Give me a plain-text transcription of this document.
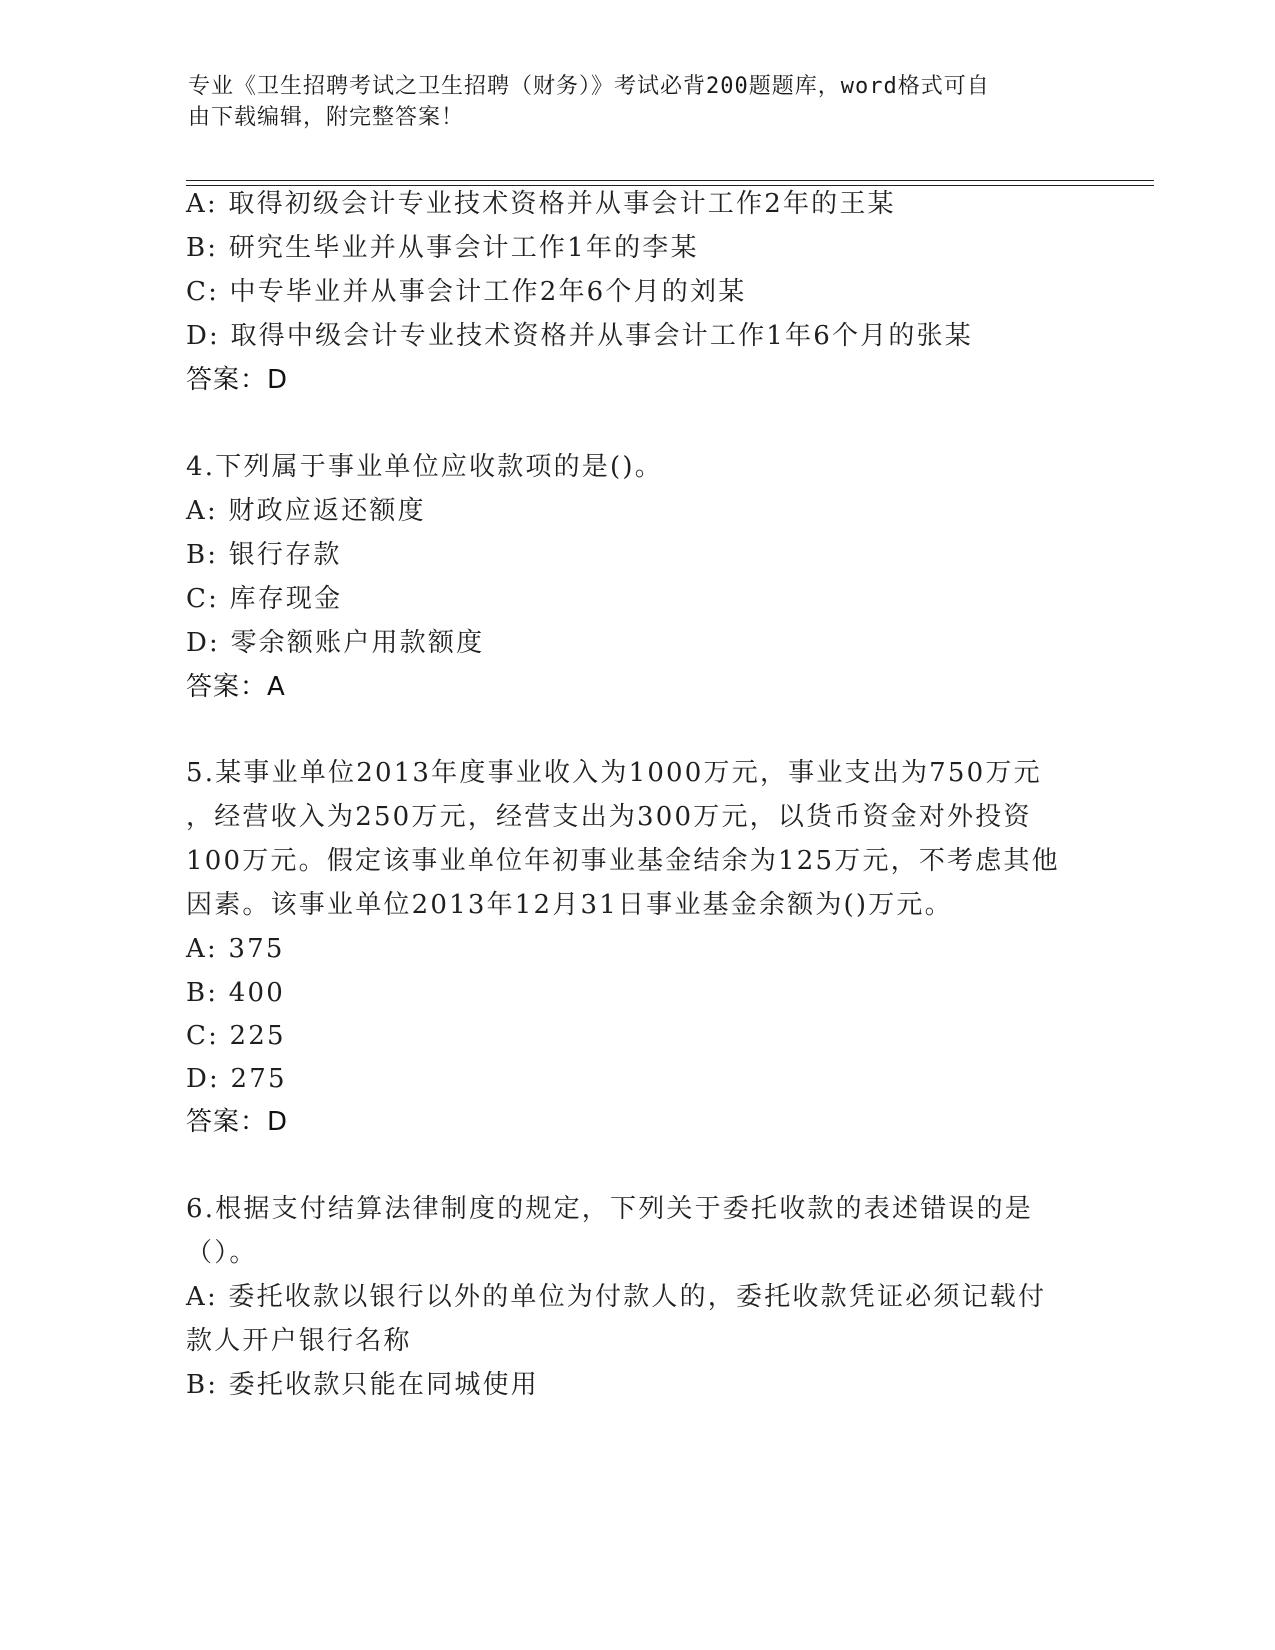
专业《卫生招聘考试之卫生招聘（财务）》考试必背200题题库，word格式可自
由下载编辑，附完整答案！
A: 取得初级会计专业技术资格并从事会计工作2年的王某
B: 研究生毕业并从事会计工作1年的李某
C: 中专毕业并从事会计工作2年6个月的刘某
D: 取得中级会计专业技术资格并从事会计工作1年6个月的张某
答案：D
4.下列属于事业单位应收款项的是()。
A: 财政应返还额度
B: 银行存款
C: 库存现金
D: 零余额账户用款额度
答案：A
5.某事业单位2013年度事业收入为1000万元，事业支出为750万元
，经营收入为250万元，经营支出为300万元，以货币资金对外投资
100万元。假定该事业单位年初事业基金结余为125万元，不考虑其他
因素。该事业单位2013年12月31日事业基金余额为()万元。
A: 375
B: 400
C: 225
D: 275
答案：D
6.根据支付结算法律制度的规定，下列关于委托收款的表述错误的是
（）。
A: 委托收款以银行以外的单位为付款人的，委托收款凭证必须记载付
款人开户银行名称
B: 委托收款只能在同城使用
